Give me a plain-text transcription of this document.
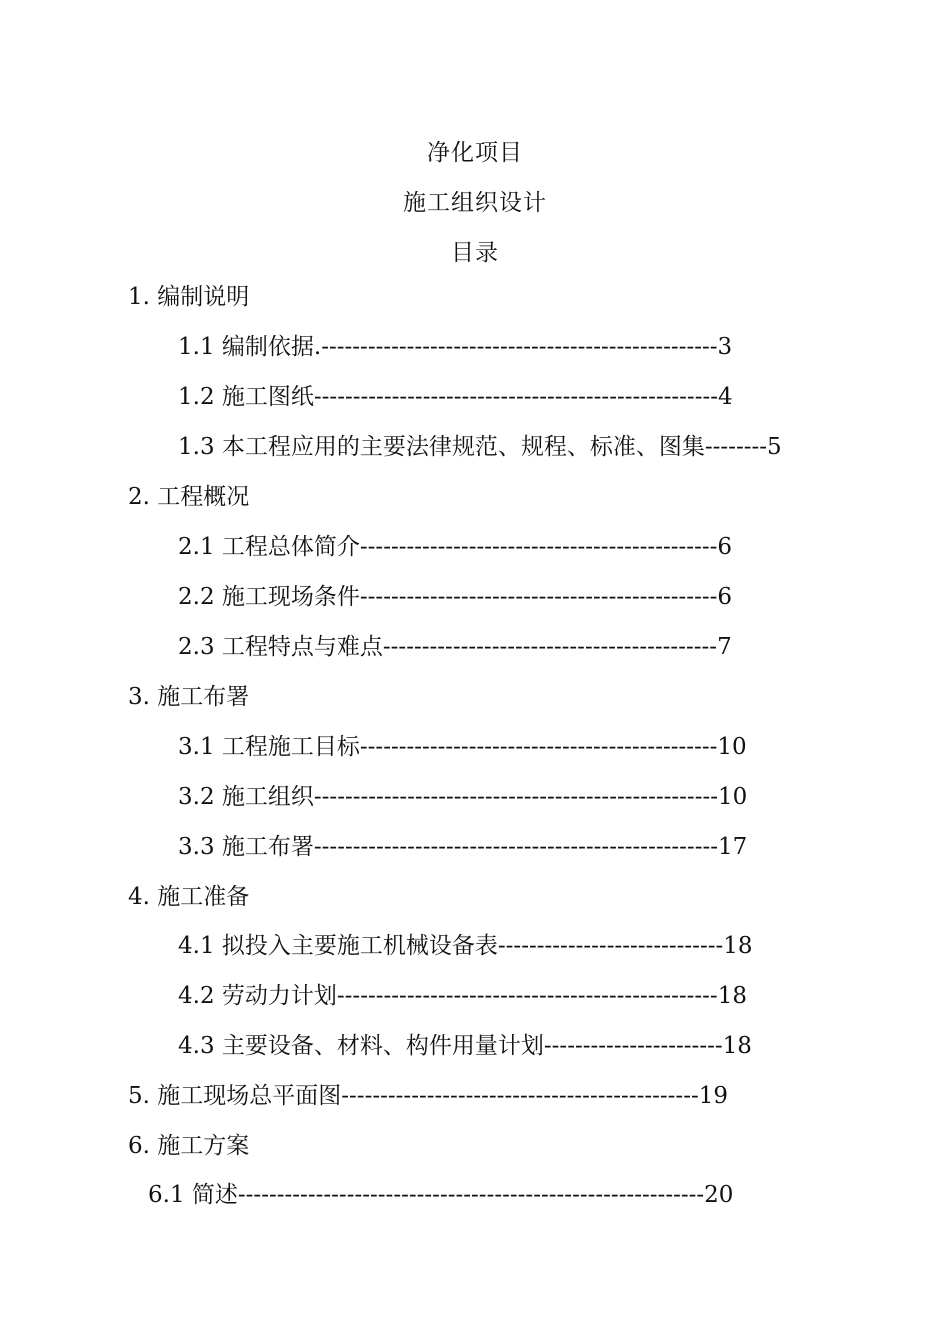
净化项目
施工组织设计
目录
1. 编制说明
1.1 编制依据.---------------------------------------------------3
1.2 施工图纸----------------------------------------------------4
1.3 本工程应用的主要法律规范、规程、标准、图集--------5
2. 工程概况
2.1 工程总体简介----------------------------------------------6
2.2 施工现场条件----------------------------------------------6
2.3 工程特点与难点-------------------------------------------7
3. 施工布署
3.1 工程施工目标----------------------------------------------10
3.2 施工组织----------------------------------------------------10
3.3 施工布署----------------------------------------------------17
4. 施工准备
4.1 拟投入主要施工机械设备表-----------------------------18
4.2 劳动力计划-------------------------------------------------18
4.3 主要设备、材料、构件用量计划-----------------------18
5. 施工现场总平面图----------------------------------------------19
6. 施工方案
6.1 简述------------------------------------------------------------20
